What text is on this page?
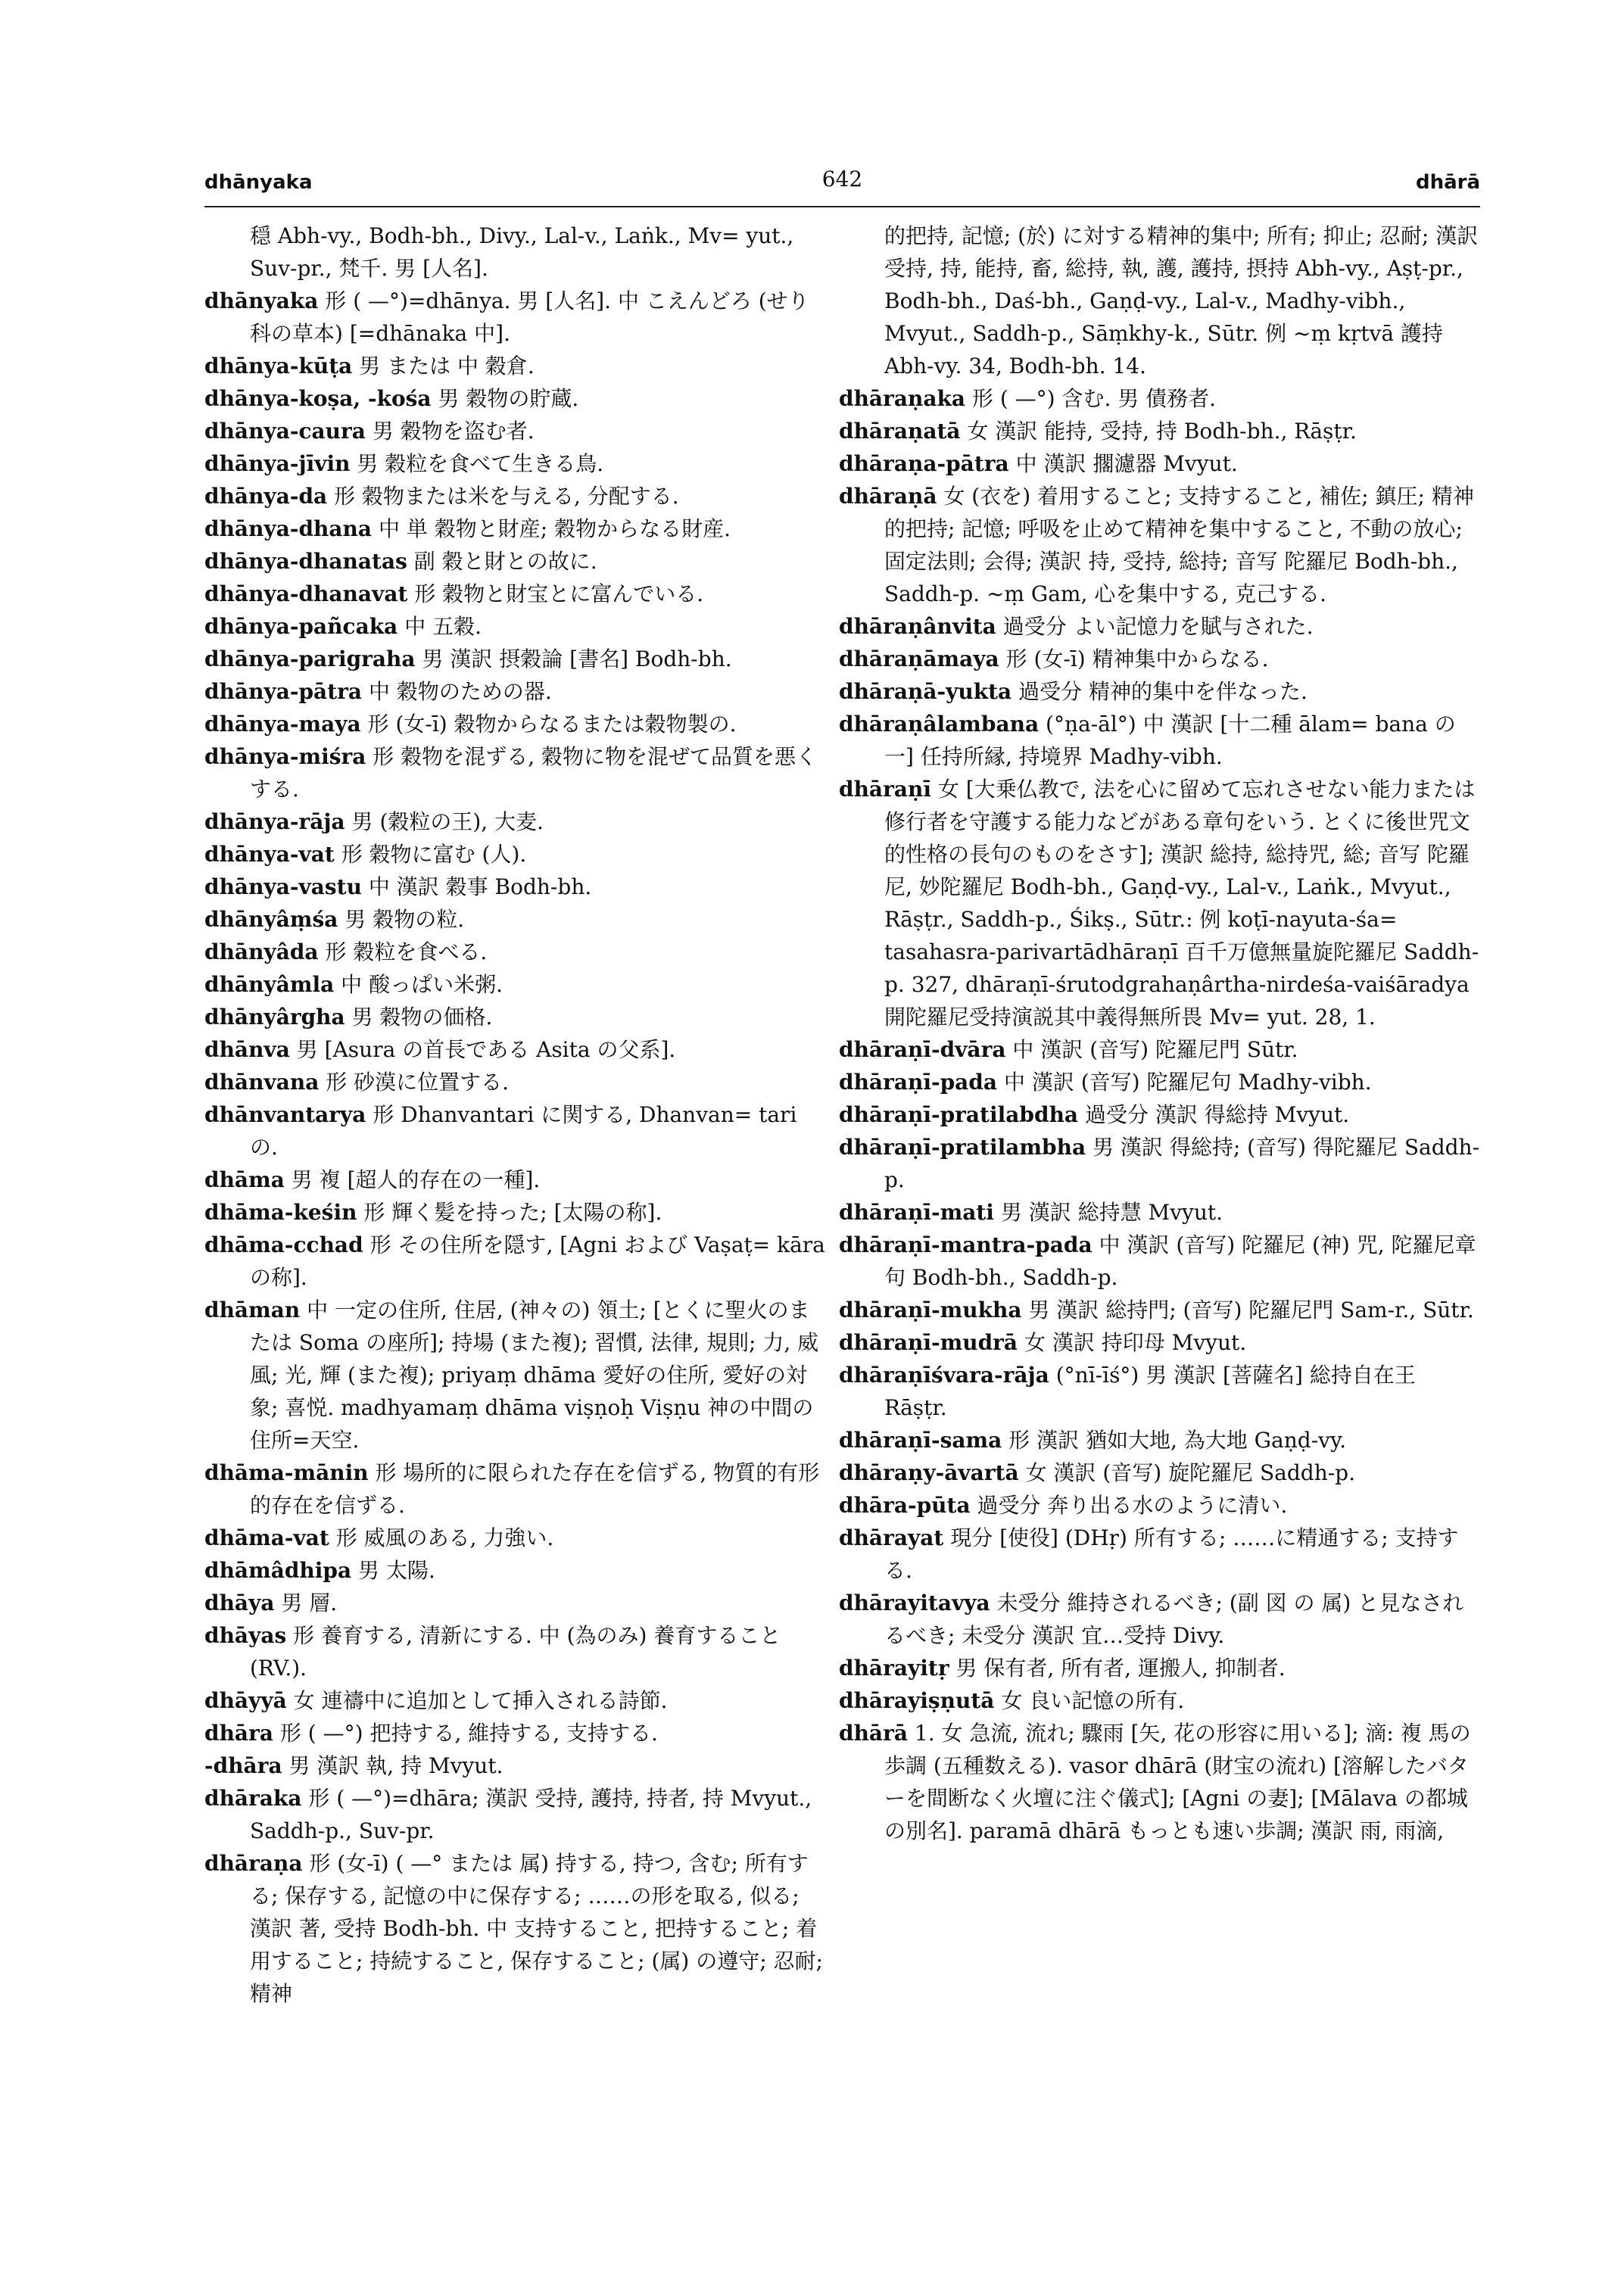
dhānyaka	642	dhārā

穏 Abh-vy., Bodh-bh., Divy., Lal-v., Laṅk., Mv= yut., Suv-pr., 梵千. 男 [人名].

dhānyaka 形 ( —°)=dhānya. 男 [人名]. 中 こえんどろ (せり科の草本) [=dhānaka 中].

dhānya-kūṭa 男 または 中 穀倉.

dhānya-koṣa, -kośa 男 穀物の貯蔵.

dhānya-caura 男 穀物を盗む者.

dhānya-jīvin 男 穀粒を食べて生きる鳥.

dhānya-da 形 穀物または米を与える, 分配する.

dhānya-dhana 中 単 穀物と財産; 穀物からなる財産.

dhānya-dhanatas 副 穀と財との故に.

dhānya-dhanavat 形 穀物と財宝とに富んでいる.

dhānya-pañcaka 中 五穀.

dhānya-parigraha 男 漢訳 摂穀論 [書名] Bodh-bh.

dhānya-pātra 中 穀物のための器.

dhānya-maya 形 (女-ī) 穀物からなるまたは穀物製の.

dhānya-miśra 形 穀物を混ずる, 穀物に物を混ぜて品質を悪くする.

dhānya-rāja 男 (穀粒の王), 大麦.

dhānya-vat 形 穀物に富む (人).

dhānya-vastu 中 漢訳 穀事 Bodh-bh.

dhānyâṃśa 男 穀物の粒.

dhānyâda 形 穀粒を食べる.

dhānyâmla 中 酸っぱい米粥.

dhānyârgha 男 穀物の価格.

dhānva 男 [Asura の首長である Asita の父系].

dhānvana 形 砂漠に位置する.

dhānvantarya 形 Dhanvantari に関する, Dhanvan= tari の.

dhāma 男 複 [超人的存在の一種].

dhāma-keśin 形 輝く髪を持った; [太陽の称].

dhāma-cchad 形 その住所を隠す, [Agni および Vaṣaṭ= kāra の称].

dhāman 中 一定の住所, 住居, (神々の) 領土; [とくに聖火のまたは Soma の座所]; 持場 (また複); 習慣, 法律, 規則; 力, 威風; 光, 輝 (また複); priyaṃ dhāma 愛好の住所, 愛好の対象; 喜悦. madhyamaṃ dhāma viṣṇoḥ Viṣṇu 神の中間の住所=天空.

dhāma-mānin 形 場所的に限られた存在を信ずる, 物質的有形的存在を信ずる.

dhāma-vat 形 威風のある, 力強い.

dhāmâdhipa 男 太陽.

dhāya 男 層.

dhāyas 形 養育する, 清新にする. 中 (為のみ) 養育すること (RV.).

dhāyyā 女 連禱中に追加として挿入される詩節.

dhāra 形 ( —°) 把持する, 維持する, 支持する.

-dhāra 男 漢訳 執, 持 Mvyut.

dhāraka 形 ( —°)=dhāra; 漢訳 受持, 護持, 持者, 持 Mvyut., Saddh-p., Suv-pr.

dhāraṇa 形 (女-ī) ( —° または 属) 持する, 持つ, 含む; 所有する; 保存する, 記憶の中に保存する; ……の形を取る, 似る; 漢訳 著, 受持 Bodh-bh. 中 支持すること, 把持すること; 着用すること; 持続すること, 保存すること; (属) の遵守; 忍耐; 精神

的把持, 記憶; (於) に対する精神的集中; 所有; 抑止; 忍耐; 漢訳 受持, 持, 能持, 畜, 総持, 執, 護, 護持, 摂持 Abh-vy., Aṣṭ-pr., Bodh-bh., Daś-bh., Gaṇḍ-vy., Lal-v., Madhy-vibh., Mvyut., Saddh-p., Sāṃkhy-k., Sūtr. 例 ~ṃ kṛtvā 護持 Abh-vy. 34, Bodh-bh. 14.

dhāraṇaka 形 ( —°) 含む. 男 債務者.

dhāraṇatā 女 漢訳 能持, 受持, 持 Bodh-bh., Rāṣṭr.

dhāraṇa-pātra 中 漢訳 擱濾器 Mvyut.

dhāraṇā 女 (衣を) 着用すること; 支持すること, 補佐; 鎮圧; 精神的把持; 記憶; 呼吸を止めて精神を集中すること, 不動の放心; 固定法則; 会得; 漢訳 持, 受持, 総持; 音写 陀羅尼 Bodh-bh., Saddh-p. ~ṃ Gam, 心を集中する, 克己する.

dhāraṇânvita 過受分 よい記憶力を賦与された.

dhāraṇāmaya 形 (女-ī) 精神集中からなる.

dhāraṇā-yukta 過受分 精神的集中を伴なった.

dhāraṇâlambana (°ṇa-āl°) 中 漢訳 [十二種 ālam= bana の一] 任持所縁, 持境界 Madhy-vibh.

dhāraṇī 女 [大乗仏教で, 法を心に留めて忘れさせない能力または修行者を守護する能力などがある章句をいう. とくに後世咒文的性格の長句のものをさす]; 漢訳 総持, 総持咒, 総; 音写 陀羅尼, 妙陀羅尼 Bodh-bh., Gaṇḍ-vy., Lal-v., Laṅk., Mvyut., Rāṣṭr., Saddh-p., Śikṣ., Sūtr.: 例 koṭī-nayuta-śa= tasahasra-parivartādhāraṇī 百千万億無量旋陀羅尼 Saddh-p. 327, dhāraṇī-śrutodgrahaṇârtha-nirdeśa-vaiśāradya 開陀羅尼受持演説其中義得無所畏 Mv= yut. 28, 1.

dhāraṇī-dvāra 中 漢訳 (音写) 陀羅尼門 Sūtr.

dhāraṇī-pada 中 漢訳 (音写) 陀羅尼句 Madhy-vibh.

dhāraṇī-pratilabdha 過受分 漢訳 得総持 Mvyut.

dhāraṇī-pratilambha 男 漢訳 得総持; (音写) 得陀羅尼 Saddh-p.

dhāraṇī-mati 男 漢訳 総持慧 Mvyut.

dhāraṇī-mantra-pada 中 漢訳 (音写) 陀羅尼 (神) 咒, 陀羅尼章句 Bodh-bh., Saddh-p.

dhāraṇī-mukha 男 漢訳 総持門; (音写) 陀羅尼門 Sam-r., Sūtr.

dhāraṇī-mudrā 女 漢訳 持印母 Mvyut.

dhāraṇīśvara-rāja (°nī-īś°) 男 漢訳 [菩薩名] 総持自在王 Rāṣṭr.

dhāraṇī-sama 形 漢訳 猶如大地, 為大地 Gaṇḍ-vy.

dhāraṇy-āvartā 女 漢訳 (音写) 旋陀羅尼 Saddh-p.

dhāra-pūta 過受分 奔り出る水のように清い.

dhārayat 現分 [使役] (DHṛ) 所有する; ……に精通する; 支持する.

dhārayitavya 未受分 維持されるべき; (副 図 の 属) と見なされるべき; 未受分 漢訳 宜…受持 Divy.

dhārayitṛ 男 保有者, 所有者, 運搬人, 抑制者.

dhārayiṣṇutā 女 良い記憶の所有.

dhārā 1. 女 急流, 流れ; 驟雨 [矢, 花の形容に用いる]; 滴: 複 馬の歩調 (五種数える). vasor dhārā (財宝の流れ) [溶解したバターを間断なく火壇に注ぐ儀式]; [Agni の妻]; [Mālava の都城の別名]. paramā dhārā もっとも速い歩調; 漢訳 雨, 雨滴,
